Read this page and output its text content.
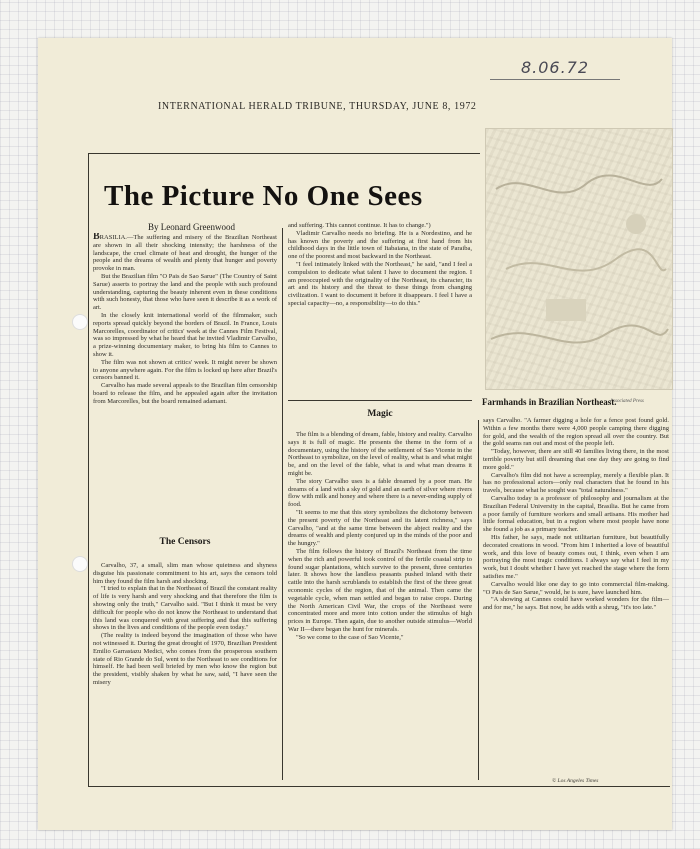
8.06.72
INTERNATIONAL HERALD TRIBUNE, THURSDAY, JUNE 8, 1972
The Picture No One Sees
By Leonard Greenwood

BRASILIA.—The suffering and misery of the Brazilian Northeast are shown in all their shocking intensity; the harshness of the landscape, the cruel climate of heat and drought, the hunger of the people and the dreams of wealth and plenty that hunger and poverty provoke in man.

But the Brazilian film "O Pais de Sao Sarue" (The Country of Saint Sarue) asserts to portray the land and the people with such profound understanding, capturing the beauty inherent even in these conditions with such honesty, that those who have seen it describe it as a work of art.

In the closely knit international world of the filmmaker, such reports spread quickly beyond the borders of Brazil. In France, Louis Marcorelles, coordinator of critics' week at the Cannes Film Festival, was so impressed by what he heard that he invited Vladimir Carvalho, a prize-winning documentary maker, to bring his film to Cannes to show it.

The film was not shown at critics' week. It might never be shown to anyone anywhere again. For the film is locked up here after Brazil's censors banned it.

Carvalho has made several appeals to the Brazilian film censorship board to release the film, and he appealed again after the invitation from Marcorelles, but the board remained adamant.

The Censors

Carvalho, 37, a small, slim man whose quietness and shyness disguise his passionate commitment to his art, says the censors told him they found the film harsh and shocking.

"I tried to explain that in the Northeast of Brazil the constant reality of life is very harsh and very shocking and that therefore the film is showing only the truth," Carvalho said. "But I think it must be very difficult for people who do not know the Northeast to understand that this land was conquered with great suffering and that this suffering shows in the lives and conditions of the people even today."

(The reality is indeed beyond the imagination of those who have not witnessed it. During the great drought of 1970, Brazilian President Emilio Garrastazu Medici, who comes from the prosperous southern state of Rio Grande do Sul, went to the Northeast to see conditions for himself. He had been well briefed by men who know the region but the president, visibly shaken by what he saw, said, "I have seen the misery

and suffering. This cannot continue. It has to change.")

Vladimir Carvalho needs no briefing. He is a Nordestino, and he has known the poverty and the suffering at first hand from his childhood days in the little town of Itabaiana, in the state of Paraiba, one of the poorest and most backward in the Northeast.

"I feel intimately linked with the Northeast," he said, "and I feel a compulsion to dedicate what talent I have to document the region. I am preoccupied with the originality of the Northeast, its character, its art and its history and the threat to these things from changing civilization. I want to document it before it disappears. I feel I have a special capacity—no, a responsibility—to do this."

Magic

The film is a blending of dream, fable, history and reality. Carvalho says it is full of magic. He presents the theme in the form of a documentary, using the history of the settlement of Sao Vicente in the Northeast to symbolize, on the level of reality, what is and what might be, and on the level of the fable, what is and what man dreams it might be.

The story Carvalho uses is a fable dreamed by a poor man. He dreams of a land with a sky of gold and an earth of silver where rivers flow with milk and honey and where there is a never-ending supply of food.

"It seems to me that this story symbolizes the dichotomy between the present poverty of the Northeast and its latent richness," says Carvalho, "and at the same time between the abject reality and the dreams of wealth and plenty conjured up in the minds of the poor and the hungry."

The film follows the history of Brazil's Northeast from the time when the rich and powerful took control of the fertile coastal strip to found sugar plantations, which survive to the present, three centuries later. It shows how the landless peasants pushed inland with their cattle into the harsh scrublands to establish the first of the three great economic cycles of the region, that of the animal. Then came the vegetable cycle, when man settled and began to raise crops. During the North American Civil War, the crops of the Northeast were concentrated more and more into cotton under the stimulus of high prices in Europe. Then again, due to another outside stimulus—World War II—there began the hunt for minerals.

"So we come to the case of Sao Vicente,"

Associated Press
Farmhands in Brazilian Northeast.

says Carvalho. "A farmer digging a hole for a fence post found gold. Within a few months there were 4,000 people camping there digging for gold, and the wealth of the region spread all over the country. But the gold seams ran out and most of the people left.

"Today, however, there are still 40 families living there, in the most terrible poverty but still dreaming that one day they are going to find more gold."

Carvalho's film did not have a screenplay, merely a flexible plan. It has no professional actors—only real characters that he found in his travels, because what he sought was "total naturalness."

Carvalho today is a professor of philosophy and journalism at the Brazilian Federal University in the capital, Brasilia. But he came from a poor family of furniture workers and small artisans. His mother had little formal education, but in a region where most people have none she found a job as a primary teacher.

His father, he says, made not utilitarian furniture, but beautifully decorated creations in wood. "From him I inherited a love of beautiful work, and this love of beauty comes out, I think, even when I am portraying the most tragic conditions. I always say what I feel in my work, but I doubt whether I have yet reached the stage where the form satisfies me."

Carvalho would like one day to go into commercial film-making. "O Pais de Sao Sarue," would, he is sure, have launched him.

"A showing at Cannes could have worked wonders for the film—and for me," he says. But now, he adds with a shrug, "it's too late."

© Los Angeles Times
